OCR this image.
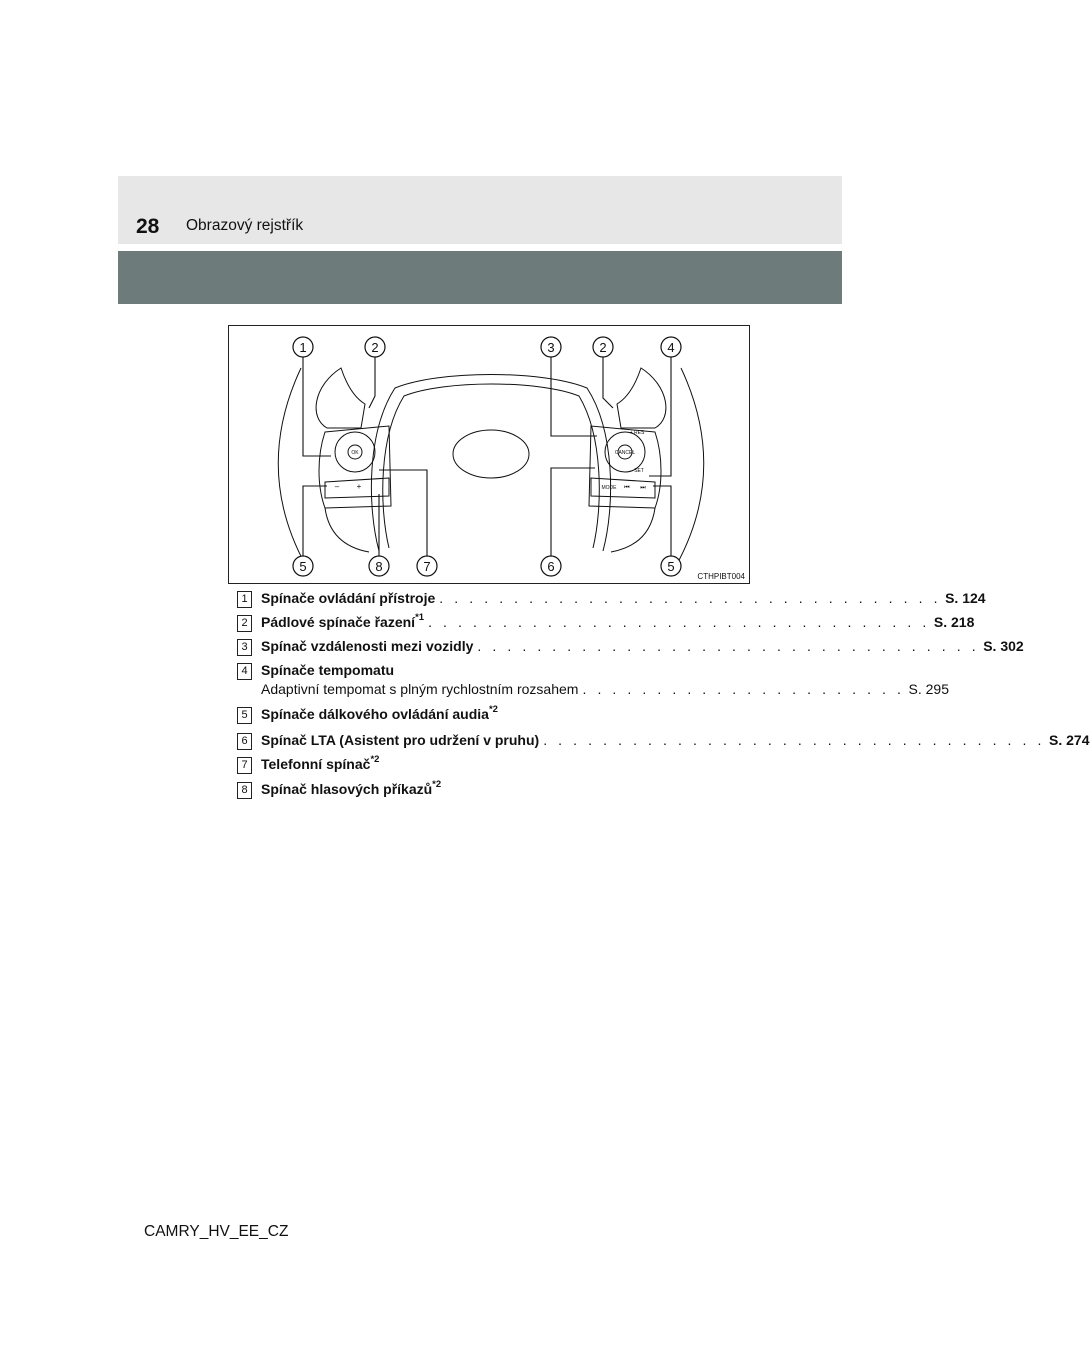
28 Obrazový rejstřík
1	2	3	2	4
5	8	7	6	5
OK	CANCEL
+ RES
– SET
MODE
– +	⏮ ⏭
CTHPIBT004
1 Spínače ovládání přístroje . . . . . . . . . . . . . . . . . . . . . . . . . . . . . . . . . . S. 124
2 Pádlové spínače řazení$^{*1}$ . . . . . . . . . . . . . . . . . . . . . . . . . . . . . . . . . . S. 218
3 Spínač vzdálenosti mezi vozidly . . . . . . . . . . . . . . . . . . . . . . . . . . . . . . . . . . S. 302
4 Spínače tempomatu
Adaptivní tempomat s plným rychlostním rozsahem . . . . . . . . . . . . . . . . . . . . . . S. 295
5 Spínače dálkového ovládání audia$^{*2}$
6 Spínač LTA (Asistent pro udržení v pruhu) . . . . . . . . . . . . . . . . . . . . . . . . . . . . . . . . . . S. 274
7 Telefonní spínač$^{*2}$
8 Spínač hlasových příkazů$^{*2}$
CAMRY_HV_EE_CZ
